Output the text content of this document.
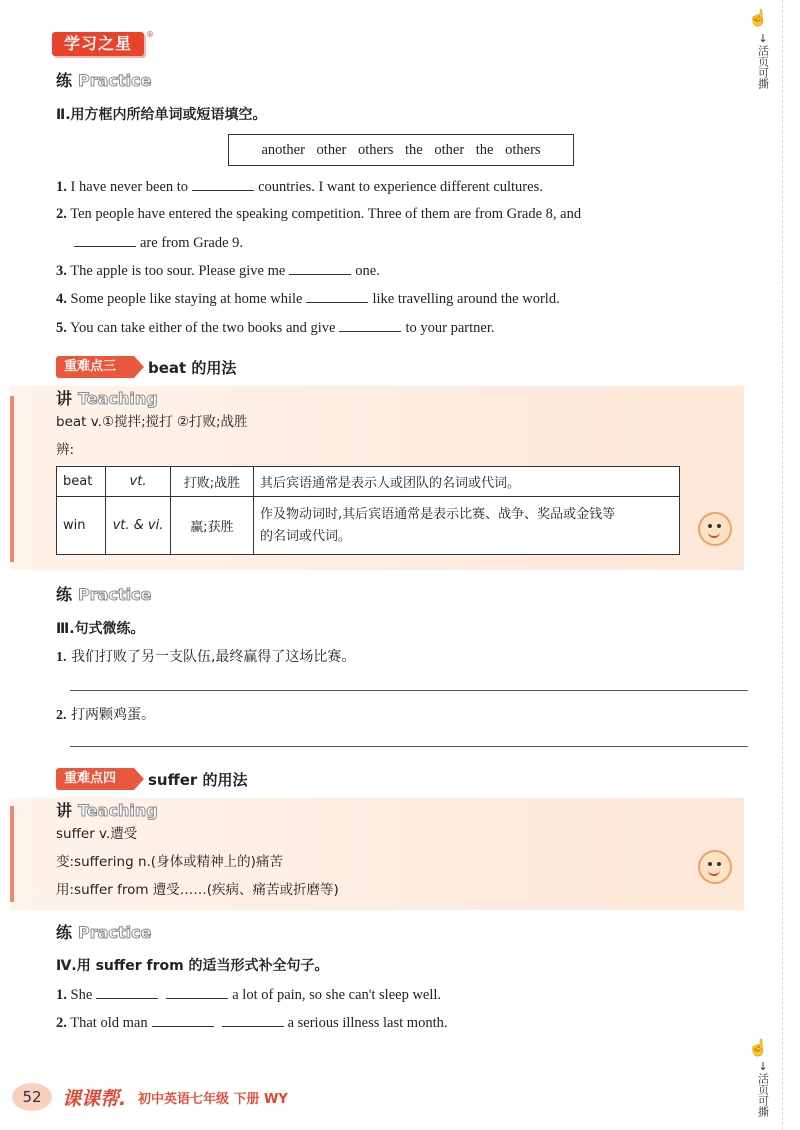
学习之星	®
☝
↓
活页可撕
☝
↓
活页可撕
练 Practice
Ⅱ.用方框内所给单词或短语填空。
another other others the other the others
1. I have never been to	countries. I want to experience different cultures.
2. Ten people have entered the speaking competition. Three of them are from Grade 8, and
are from Grade 9.
3. The apple is too sour. Please give me	one.
4. Some people like staying at home while	like travelling around the world.
5. You can take either of the two books and give	to your partner.
重难点三	beat 的用法
讲 Teaching
beat v.①搅拌;搅打 ②打败;战胜
辨:
beat	vt.	打败;战胜	其后宾语通常是表示人或团队的名词或代词。
win	vt. & vi.	赢;获胜	作及物动词时,其后宾语通常是表示比赛、战争、奖品或金钱等的名词或代词。
练 Practice
Ⅲ.句式微练。
1. 我们打败了另一支队伍,最终赢得了这场比赛。
2. 打两颗鸡蛋。
重难点四	suffer 的用法
讲 Teaching
suffer v.遭受
变:suffering n.(身体或精神上的)痛苦
用:suffer from 遭受……(疾病、痛苦或折磨等)
练 Practice
Ⅳ.用 suffer from 的适当形式补全句子。
1. She	a lot of pain, so she can't sleep well.
2. That old man	a serious illness last month.
52	课课帮. 初中英语七年级 下册 WY
